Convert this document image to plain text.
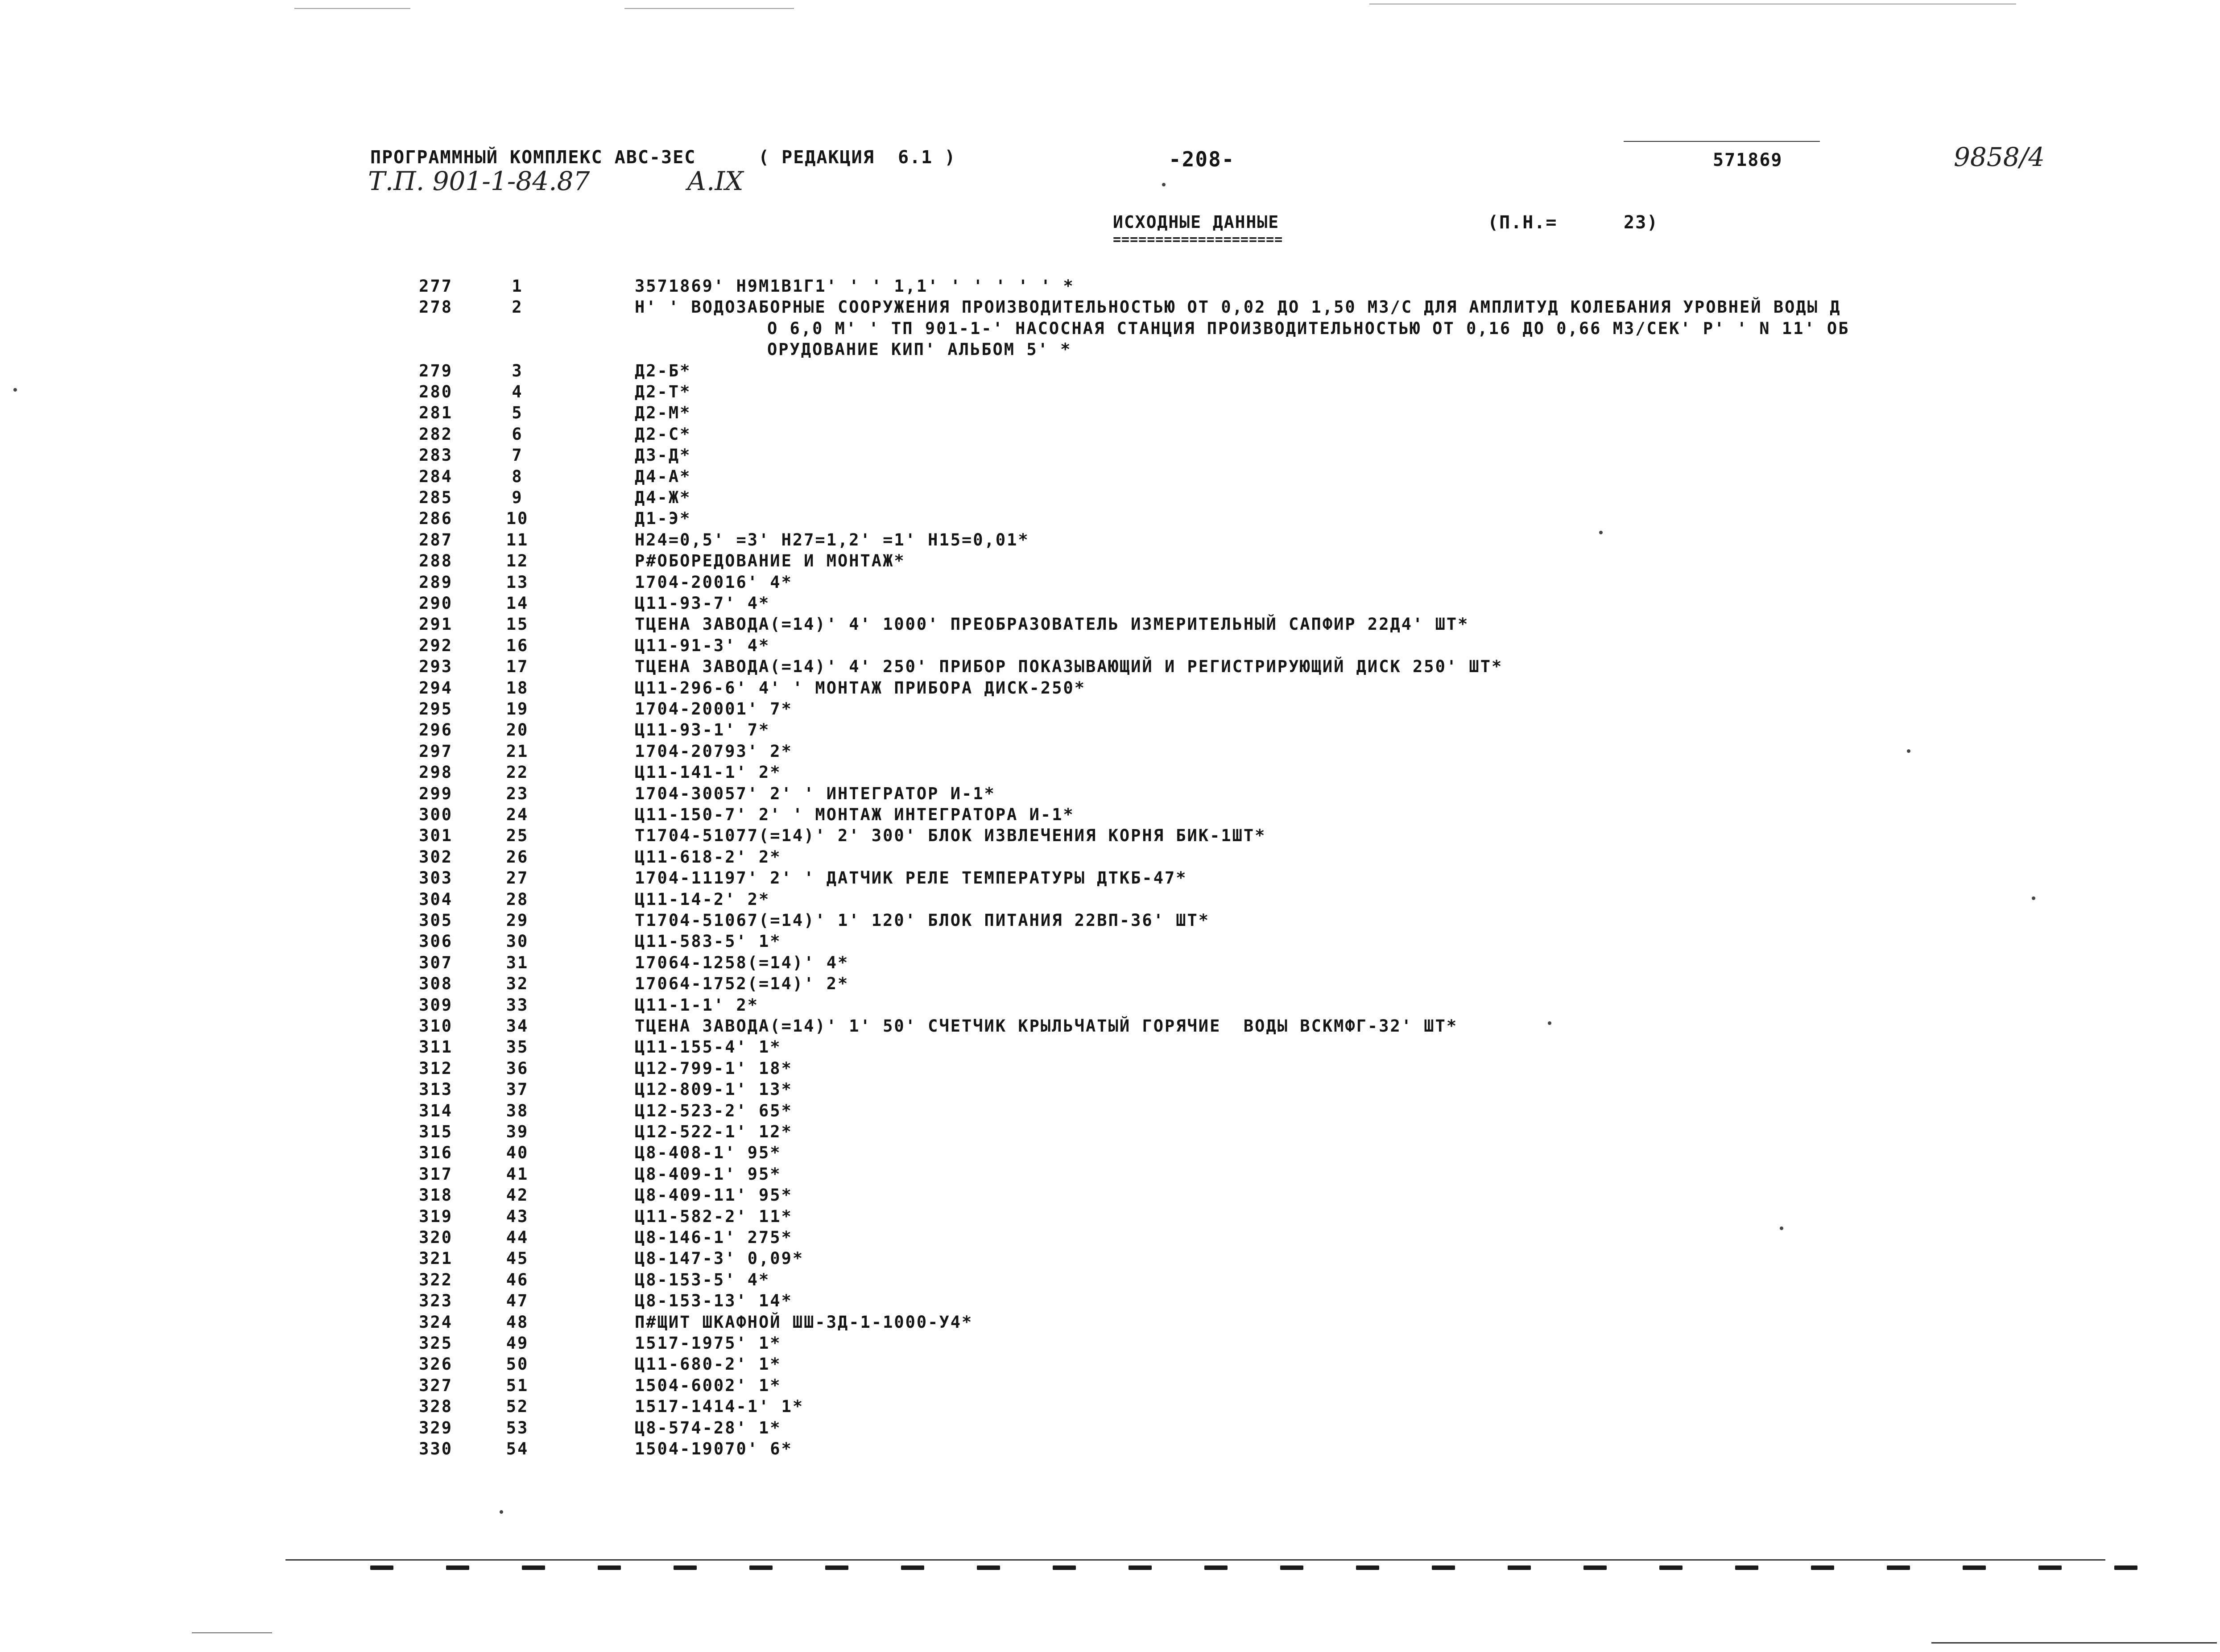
ПРОГРАММНЫЙ КОМПЛЕКС АВС-3ЕС	( РЕДАКЦИЯ  6.1 )	-208-	571869
Т.П. 901-1-84.87	А.IX
9858/4
ИСХОДНЫЕ ДАННЫЕ
====================
(П.Н.=	23)
277	1	3571869' Н9М1В1Г1' ' ' 1,1' ' ' ' ' ' *
278	2	Н' ' ВОДОЗАБОРНЫЕ СООРУЖЕНИЯ ПРОИЗВОДИТЕЛЬНОСТЬЮ ОТ 0,02 ДО 1,50 М3/С ДЛЯ АМПЛИТУД КОЛЕБАНИЯ УРОВНЕЙ ВОДЫ Д
О 6,0 М' ' ТП 901-1-' НАСОСНАЯ СТАНЦИЯ ПРОИЗВОДИТЕЛЬНОСТЬЮ ОТ 0,16 ДО 0,66 М3/СЕК' Р' ' N 11' ОБ
ОРУДОВАНИЕ КИП' АЛЬБОМ 5' *
279	3	Д2-Б*
280	4	Д2-Т*
281	5	Д2-М*
282	6	Д2-С*
283	7	Д3-Д*
284	8	Д4-А*
285	9	Д4-Ж*
286	10	Д1-Э*
287	11	Н24=0,5' =3' Н27=1,2' =1' Н15=0,01*
288	12	Р#ОБОРЕДОВАНИЕ И МОНТАЖ*
289	13	1704-20016' 4*
290	14	Ц11-93-7' 4*
291	15	ТЦЕНА ЗАВОДА(=14)' 4' 1000' ПРЕОБРАЗОВАТЕЛЬ ИЗМЕРИТЕЛЬНЫЙ САПФИР 22Д4' ШТ*
292	16	Ц11-91-3' 4*
293	17	ТЦЕНА ЗАВОДА(=14)' 4' 250' ПРИБОР ПОКАЗЫВАЮЩИЙ И РЕГИСТРИРУЮЩИЙ ДИСК 250' ШТ*
294	18	Ц11-296-6' 4' ' МОНТАЖ ПРИБОРА ДИСК-250*
295	19	1704-20001' 7*
296	20	Ц11-93-1' 7*
297	21	1704-20793' 2*
298	22	Ц11-141-1' 2*
299	23	1704-30057' 2' ' ИНТЕГРАТОР И-1*
300	24	Ц11-150-7' 2' ' МОНТАЖ ИНТЕГРАТОРА И-1*
301	25	Т1704-51077(=14)' 2' 300' БЛОК ИЗВЛЕЧЕНИЯ КОРНЯ БИК-1ШТ*
302	26	Ц11-618-2' 2*
303	27	1704-11197' 2' ' ДАТЧИК РЕЛЕ ТЕМПЕРАТУРЫ ДТКБ-47*
304	28	Ц11-14-2' 2*
305	29	Т1704-51067(=14)' 1' 120' БЛОК ПИТАНИЯ 22ВП-36' ШТ*
306	30	Ц11-583-5' 1*
307	31	17064-1258(=14)' 4*
308	32	17064-1752(=14)' 2*
309	33	Ц11-1-1' 2*
310	34	ТЦЕНА ЗАВОДА(=14)' 1' 50' СЧЕТЧИК КРЫЛЬЧАТЫЙ ГОРЯЧИЕ  ВОДЫ ВСКМФГ-32' ШТ*
311	35	Ц11-155-4' 1*
312	36	Ц12-799-1' 18*
313	37	Ц12-809-1' 13*
314	38	Ц12-523-2' 65*
315	39	Ц12-522-1' 12*
316	40	Ц8-408-1' 95*
317	41	Ц8-409-1' 95*
318	42	Ц8-409-11' 95*
319	43	Ц11-582-2' 11*
320	44	Ц8-146-1' 275*
321	45	Ц8-147-3' 0,09*
322	46	Ц8-153-5' 4*
323	47	Ц8-153-13' 14*
324	48	П#ЩИТ ШКАФНОЙ ШШ-3Д-1-1000-У4*
325	49	1517-1975' 1*
326	50	Ц11-680-2' 1*
327	51	1504-6002' 1*
328	52	1517-1414-1' 1*
329	53	Ц8-574-28' 1*
330	54	1504-19070' 6*
